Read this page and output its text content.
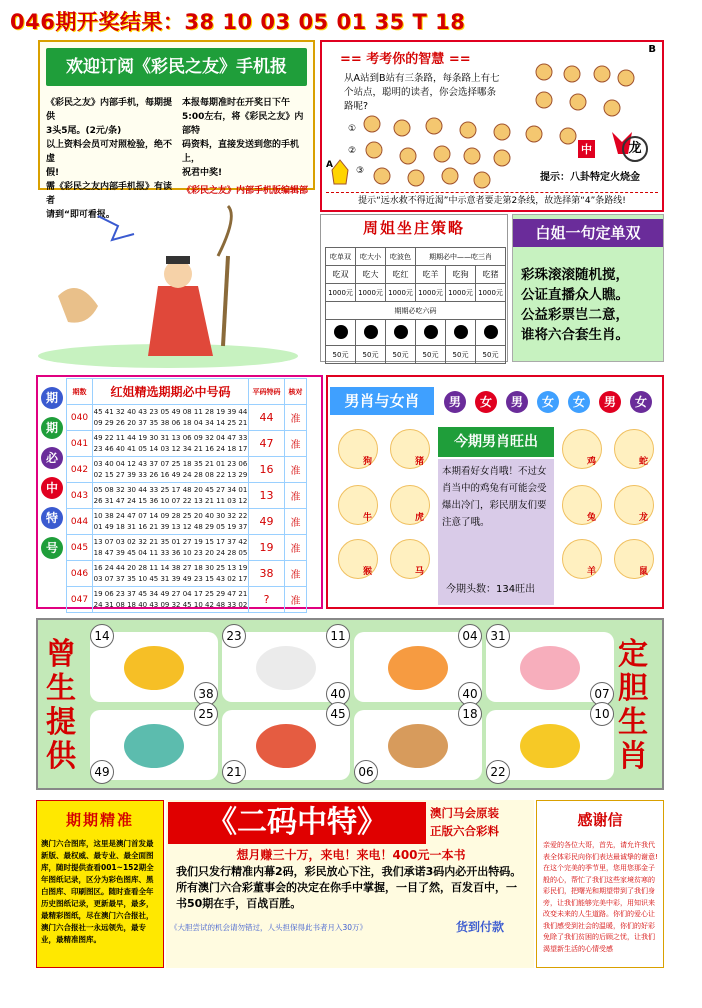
046期开奖结果：38 10 03 05 01 35 T 18
欢迎订阅《彩民之友》手机报
《彩民之友》内部手机，每期提供
3头5尾。(2元/条)
以上资料会员可对照检验，绝不虚
假!
需《彩民之友内部手机报》有读者
请到“即可看报。
本报每期准时在开奖日下午
5:00左右，将《彩民之友》内部特
码资料，直接发送到您的手机上，
祝君中奖!
《彩民之友》内部手机版编辑部
== 考考你的智慧 ==
B
从A站到B站有三条路，每条路上有七个站点，聪明的读者，你会选择哪条路呢?
①
②
③
A
中	龙
提示：八卦特定火烧金
提示“远水救不得近渴”中示意者要走第2条线，故选择第“4”条路线!
周姐坐庄策略
吃单双	吃大小	吃波色	期期必中——吃三肖		
吃双	吃大	吃红	吃羊	吃狗	吃猪
1000元	1000元	1000元	1000元	1000元	1000元
期期必吃六码					

50元	50元	50元	50元	50元	50元
白姐一句定单双
彩珠滚滚随机搅，
公证直播众人瞧。
公益彩票岂二意，
谁将六合套生肖。
期
期
必
中
特
号
期数	红姐精选期期必中号码	平码特码	核对
040	45 41 32 40 43 23 05 49 08 11 28 19 39 44
09 29 26 20 37 35 38 06 18 04 34 14 25 21	44	准
041	49 22 11 44 19 30 31 13 06 09 32 04 47 33
23 46 40 41 05 14 03 12 34 21 16 24 18 17	47	准
042	03 40 04 12 43 37 07 25 18 35 21 01 23 06
02 15 27 39 33 26 16 49 24 28 08 22 13 29	16	准
043	05 08 32 30 44 33 25 17 48 20 45 27 34 01
26 31 47 24 15 36 10 07 22 13 21 11 03 12	13	准
044	10 38 24 47 07 14 09 28 25 20 40 30 32 22
01 49 18 31 16 21 39 13 12 48 29 05 19 37	49	准
045	13 07 03 02 32 21 35 01 27 19 15 17 37 42
18 47 39 45 04 11 33 36 10 23 20 24 28 05	19	准
046	16 24 44 20 28 11 14 38 27 18 30 25 13 19
03 07 37 35 10 45 31 39 49 23 15 43 02 17	38	准
047	19 06 23 37 45 34 49 27 04 17 25 29 47 21
24 31 08 18 40 43 09 32 45 10 42 48 33 02	?	准
男肖与女肖	男	女	男	女	女	男	女
今期男肖旺出
本期看好女肖哦！不过女肖当中的鸡兔有可能会受爆出冷门，彩民朋友们要注意了哦。
今期头数：134旺出
狗	猪
牛	虎
猴	马
鸡	蛇
兔	龙
羊	鼠
曾生提供
定胆生肖
14
38
23	11
40
04
40
31
07
25
49
45
21
18
06
10
22
期期精准
澳门六合图库，这里是澳门首发最新版、最权威、最专业、最全面图库，随时提供查看001~152期全年图纸记录，区分为彩色图库、黑白图库、印刷图区。随时查看全年历史图纸记录，更新最早，最多，最精彩图纸，尽在澳门六合报社，澳门六合报社一永远领先，最专业，最精准图库。
《二码中特》	澳门马会原装
正版六合彩料
想月赚三十万，来电！来电！400元一本书
我们只发行精准内幕2码，彩民放心下注，我们承诺3码内必开出特码。所有澳门六合彩董事会的决定在你手中掌握，一目了然，百发百中，一书50期在手，百战百胜。
《大胆尝试的机会请勿错过，人头担保得此书者月入30万》	货到付款
感谢信
亲爱的各位大哥，首先，请允许我代表全体彩民向你们表达最诚挚的谢意!在这个完美的季节里，您用您那金子般的心，帮忙了我们这些家境贫寒的彩民们，把曙光和期望带到了我们身旁，让我们能够完美中彩，用知识来改变未来的人生道路。你们的爱心让我们感受到社会的温暖，你们的好彩免除了我们贫困的后顾之忧，让我们渴望新生活的心情受感
